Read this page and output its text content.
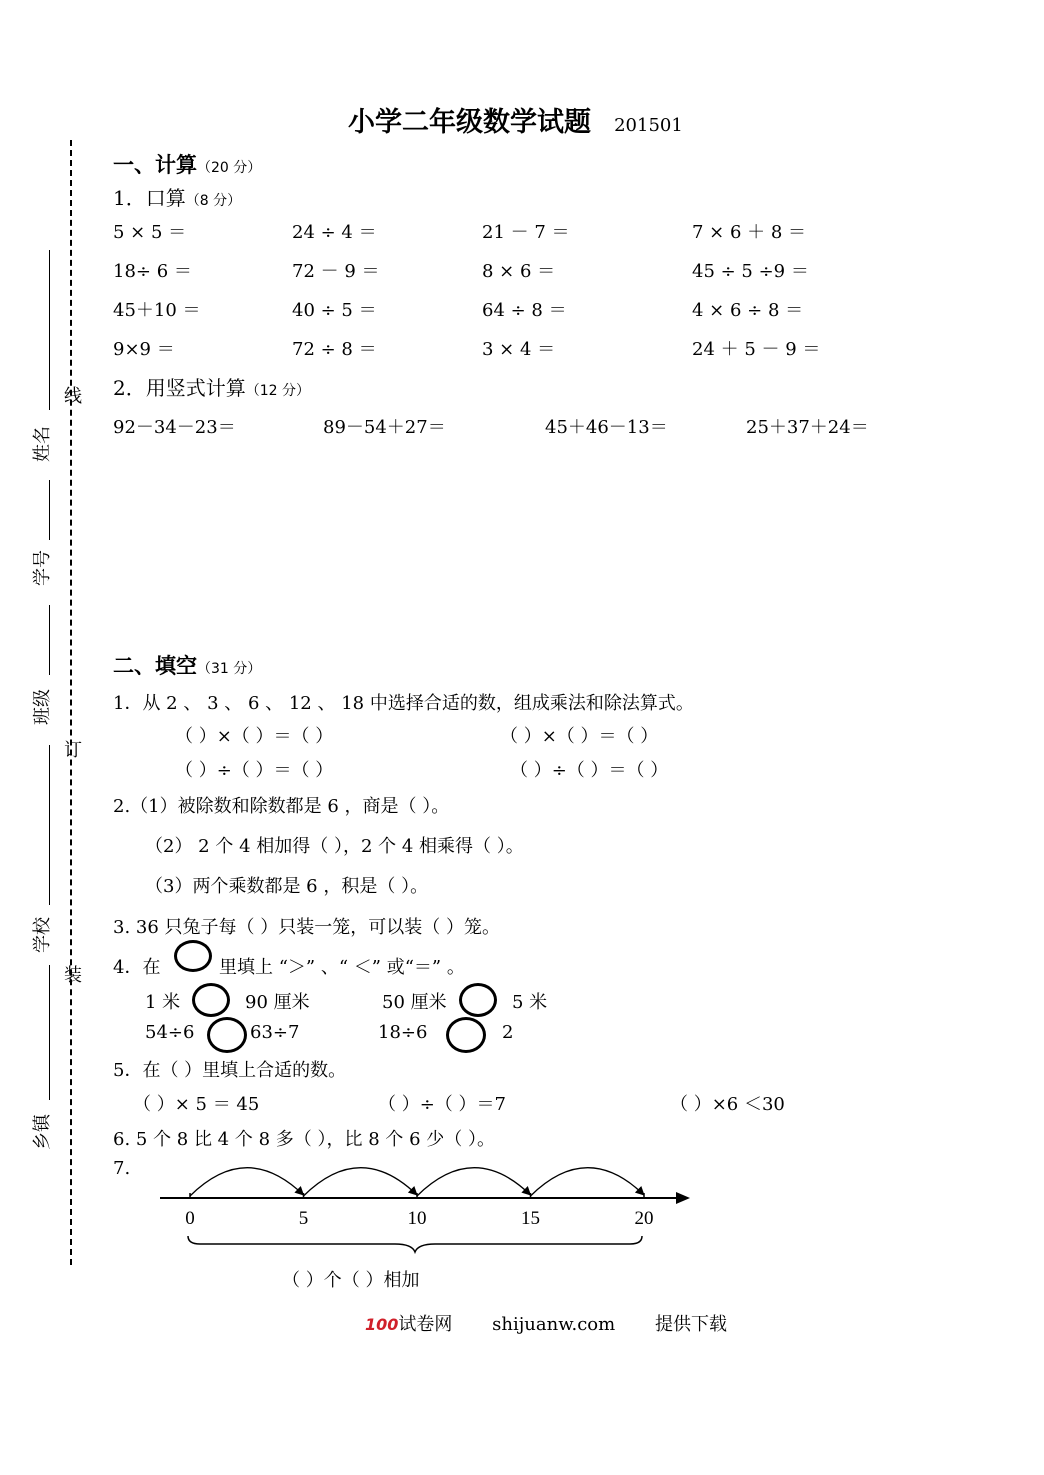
线
订
装
姓名
学号
班级
学校
乡镇
小学二年级数学试题 201501
一、计算（20 分）
1．口算（8 分）
5 × 5 ＝	24 ÷ 4 ＝	21 － 7 ＝	7 × 6 ＋ 8 ＝
18÷ 6 ＝	72 － 9 ＝	8 × 6 ＝	45 ÷ 5 ÷9 ＝
45＋10 ＝	40 ÷ 5 ＝	64 ÷ 8 ＝	4 × 6 ÷ 8 ＝
9×9 ＝	72 ÷ 8 ＝	3 × 4 ＝	24 ＋ 5 － 9 ＝
2．用竖式计算（12 分）
92－34－23＝	89－54＋27＝	45＋46－13＝	25＋37＋24＝
二、填空（31 分）
1．从 2 、 3 、 6 、 12 、 18 中选择合适的数，组成乘法和除法算式。
（ ）×（ ）＝（ ）	（ ）×（ ）＝（ ）
（ ）÷（ ）＝（ ）	（ ）÷（ ）＝（ ）
2.（1）被除数和除数都是 6 ，商是（ ）。
（2） 2 个 4 相加得（ ），2 个 4 相乘得（ ）。
（3）两个乘数都是 6 ，积是（ ）。
3. 36 只兔子每（ ）只装一笼，可以装（ ）笼。
4．在	里填上 “＞” 、“ ＜” 或“＝” 。
1 米	90 厘米	50 厘米	5 米
54÷6	63÷7	18÷6	2
5．在（ ）里填上合适的数。
（ ）× 5 ＝ 45	（ ）÷（ ）＝7	（ ）×6 ＜30
6. 5 个 8 比 4 个 8 多（ ），比 8 个 6 少（ ）。
7.
0	5	10	15	20
（ ）个（ ）相加
100试卷网 shijuanw.com 提供下载
